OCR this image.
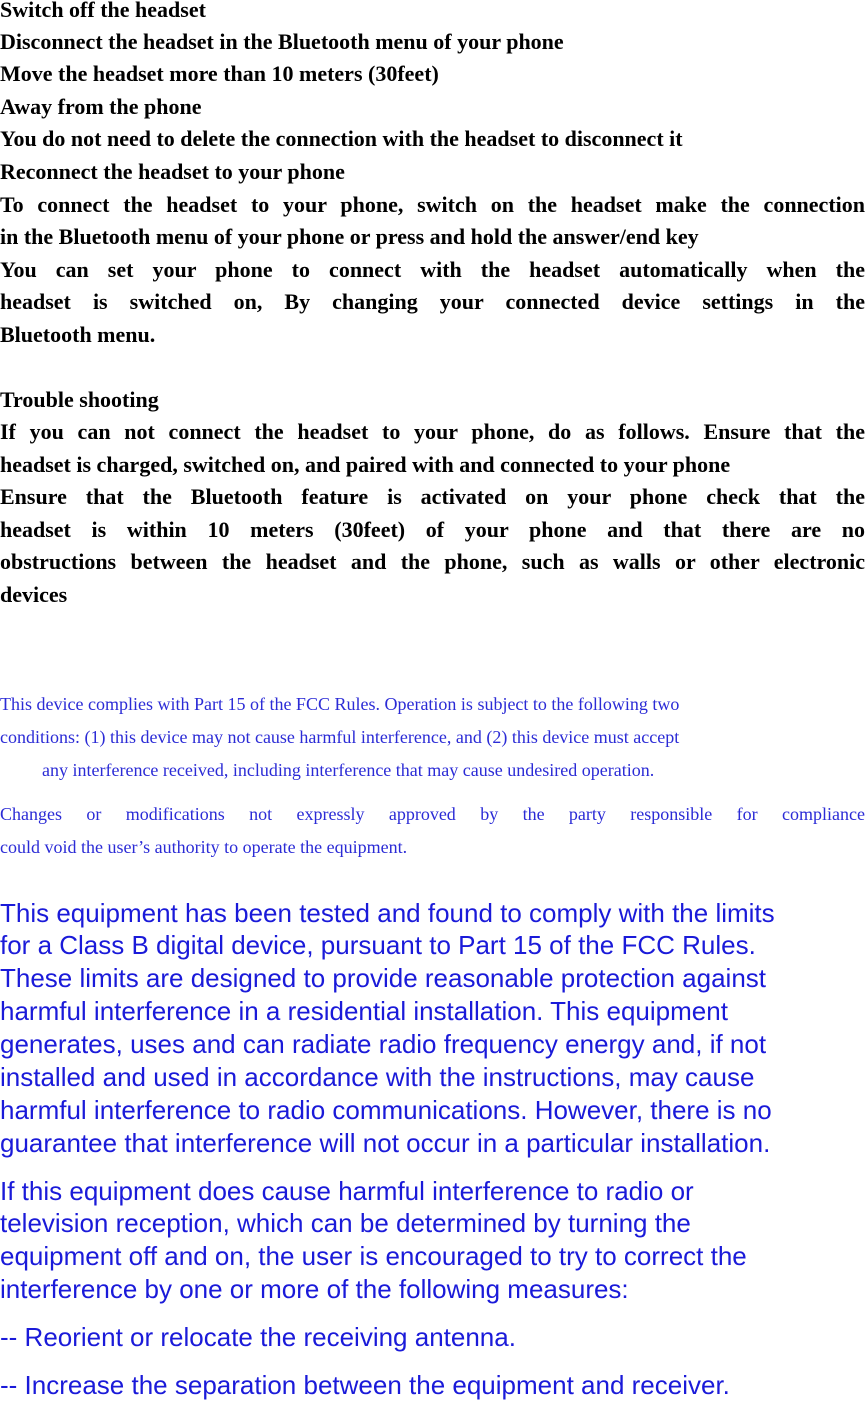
Switch off the headset
Disconnect the headset in the Bluetooth menu of your phone
Move the headset more than 10 meters (30feet)
Away from the phone
You do not need to delete the connection with the headset to disconnect it
Reconnect the headset to your phone
To connect the headset to your phone, switch on the headset make the connection
in the Bluetooth menu of your phone or press and hold the answer/end key
You can set your phone to connect with the headset automatically when the
headset is switched on, By changing your connected device settings in the
Bluetooth menu.
Trouble shooting
If you can not connect the headset to your phone, do as follows. Ensure that the
headset is charged, switched on, and paired with and connected to your phone
Ensure that the Bluetooth feature is activated on your phone check that the
headset is within 10 meters (30feet) of your phone and that there are no
obstructions between the headset and the phone, such as walls or other electronic
devices
This device complies with Part 15 of the FCC Rules. Operation is subject to the following two
conditions: (1) this device may not cause harmful interference, and (2) this device must accept
any interference received, including interference that may cause undesired operation.
Changes or modifications not expressly approved by the party responsible for compliance
could void the user’s authority to operate the equipment.
This equipment has been tested and found to comply with the limits
for a Class B digital device, pursuant to Part 15 of the FCC Rules.
These limits are designed to provide reasonable protection against
harmful interference in a residential installation. This equipment
generates, uses and can radiate radio frequency energy and, if not
installed and used in accordance with the instructions, may cause
harmful interference to radio communications. However, there is no
guarantee that interference will not occur in a particular installation.
If this equipment does cause harmful interference to radio or
television reception, which can be determined by turning the
equipment off and on, the user is encouraged to try to correct the
interference by one or more of the following measures:
-- Reorient or relocate the receiving antenna.
-- Increase the separation between the equipment and receiver.
